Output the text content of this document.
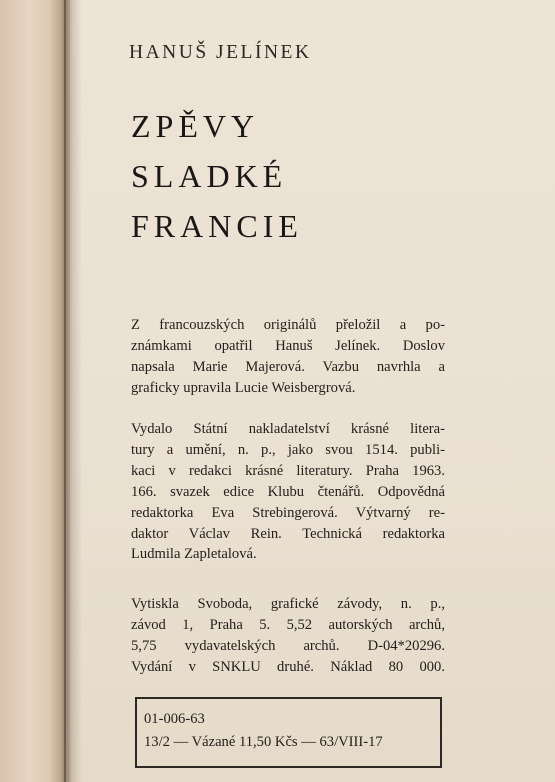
HANUŠ JELÍNEK
ZPĚVY
SLADKÉ
FRANCIE
Z francouzských originálů přeložil a po-
známkami opatřil Hanuš Jelínek. Doslov
napsala Marie Majerová. Vazbu navrhla a
graficky upravila Lucie Weisbergrová.
Vydalo Státní nakladatelství krásné litera-
tury a umění, n. p., jako svou 1514. publi-
kaci v redakci krásné literatury. Praha 1963.
166. svazek edice Klubu čtenářů. Odpovědná
redaktorka Eva Strebingerová. Výtvarný re-
daktor Václav Rein. Technická redaktorka
Ludmila Zapletalová.
Vytiskla Svoboda, grafické závody, n. p.,
závod 1, Praha 5. 5,52 autorských archů,
5,75 vydavatelských archů. D-04*20296.
Vydání v SNKLU druhé. Náklad 80 000.
01-006-63
13/2 — Vázané 11,50 Kčs — 63/VIII-17
